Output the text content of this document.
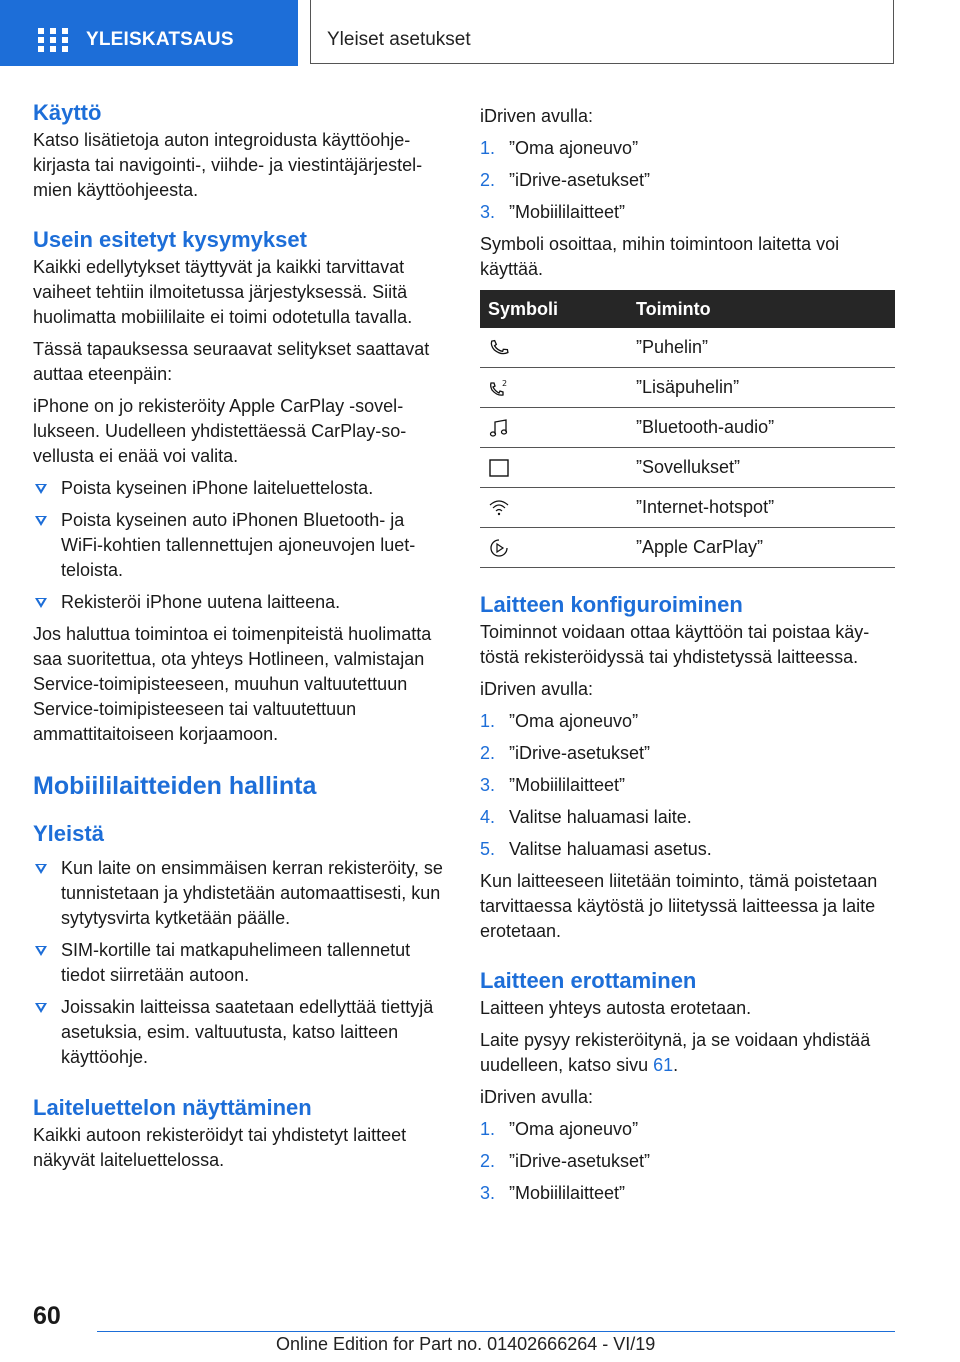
YLEISKATSAUS	Yleiset asetukset
Käyttö

Katso lisätietoja auton integroidusta käyttöohjekirjasta tai navigointi-, viihde- ja viestintäjärjestelmien käyttöohjeesta.

Usein esitetyt kysymykset

Kaikki edellytykset täyttyvät ja kaikki tarvittavat vaiheet tehtiin ilmoitetussa järjestyksessä. Siitä huolimatta mobiililaite ei toimi odotetulla tavalla.

Tässä tapauksessa seuraavat selitykset saattavat auttaa eteenpäin:

iPhone on jo rekisteröity Apple CarPlay -sovellukseen. Uudelleen yhdistettäessä CarPlay-sovellusta ei enää voi valita.

Poista kyseinen iPhone laiteluettelosta.
Poista kyseinen auto iPhonen Bluetooth- ja WiFi-kohtien tallennettujen ajoneuvojen luetteloista.
Rekisteröi iPhone uutena laitteena.

Jos haluttua toimintoa ei toimenpiteistä huolimatta saa suoritettua, ota yhteys Hotlineen, valmistajan Service-toimipisteeseen, muuhun valtuutettuun Service-toimipisteeseen tai valtuutettuun ammattitaitoiseen korjaamoon.

Mobiililaitteiden hallinta
Yleistä
Kun laite on ensimmäisen kerran rekisteröity, se tunnistetaan ja yhdistetään automaattisesti, kun sytytysvirta kytketään päälle.
SIM-kortille tai matkapuhelimeen tallennetut tiedot siirretään autoon.
Joissakin laitteissa saatetaan edellyttää tiettyjä asetuksia, esim. valtuutusta, katso laitteen käyttöohje.
Laiteluettelon näyttäminen

Kaikki autoon rekisteröidyt tai yhdistetyt laitteet näkyvät laiteluettelossa.

iDriven avulla:

1. ”Oma ajoneuvo”
2. ”iDrive-asetukset”
3. ”Mobiililaitteet”

Symboli osoittaa, mihin toimintoon laitetta voi käyttää.

Symboli	Toiminto
	”Puhelin”

2	”Lisäpuhelin”
	”Bluetooth-audio”
	”Sovellukset”
	”Internet-hotspot”
	”Apple CarPlay”
Laitteen konfiguroiminen

Toiminnot voidaan ottaa käyttöön tai poistaa käytöstä rekisteröidyssä tai yhdistetyssä laitteessa.

iDriven avulla:

1. ”Oma ajoneuvo”
2. ”iDrive-asetukset”
3. ”Mobiililaitteet”
4. Valitse haluamasi laite.
5. Valitse haluamasi asetus.

Kun laitteeseen liitetään toiminto, tämä poistetaan tarvittaessa käytöstä jo liitetyssä laitteessa ja laite erotetaan.

Laitteen erottaminen

Laitteen yhteys autosta erotetaan.

Laite pysyy rekisteröitynä, ja se voidaan yhdistää uudelleen, katso sivu 61.

iDriven avulla:

1. ”Oma ajoneuvo”
2. ”iDrive-asetukset”
3. ”Mobiililaitteet”
60
Online Edition for Part no. 01402666264 - VI/19
